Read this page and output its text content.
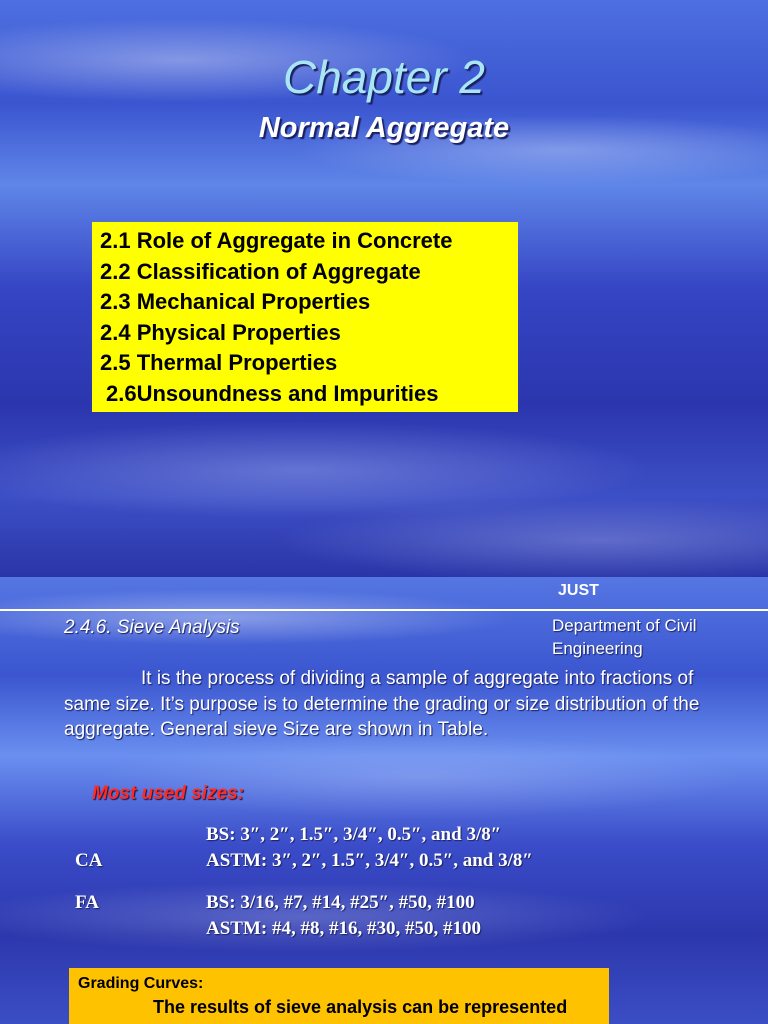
Chapter 2
Normal Aggregate
2.1 Role of Aggregate in Concrete
2.2 Classification of Aggregate
2.3 Mechanical Properties
2.4 Physical Properties
2.5 Thermal Properties
2.6Unsoundness and Impurities
JUST
2.4.6. Sieve Analysis	Department of Civil Engineering
It is the process of dividing a sample of aggregate into fractions of same size. It’s purpose is to determine the grading or size distribution of the aggregate. General sieve Size are shown in Table.
Most used sizes:
CA
BS: 3″, 2″, 1.5″, 3/4″, 0.5″, and 3/8″
ASTM: 3″, 2″, 1.5″, 3/4″, 0.5″, and 3/8″
FA	BS: 3/16, #7, #14, #25″, #50, #100
ASTM: #4, #8, #16, #30, #50, #100
Grading Curves:
The results of sieve analysis can be represented
